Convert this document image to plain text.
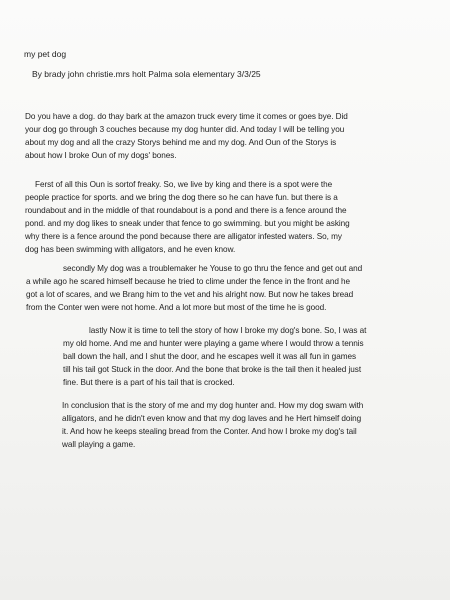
my pet dog

By brady john christie.mrs holt Palma sola elementary 3/3/25

Do you have a dog. do thay bark at the amazon truck every time it comes or goes bye. Did
your dog go through 3 couches because my dog hunter did. And today I will be telling you
about my dog and all the crazy Storys behind me and my dog. And Oun of the Storys is
about how I broke Oun of my dogs' bones.

Ferst of all this Oun is sortof freaky. So, we live by king and there is a spot were the
people practice for sports. and we bring the dog there so he can have fun. but there is a
roundabout and in the middle of that roundabout is a pond and there is a fence around the
pond. and my dog likes to sneak under that fence to go swimming. but you might be asking
why there is a fence around the pond because there are alligator infested waters. So, my
dog has been swimming with alligators, and he even know.

secondly My dog was a troublemaker he Youse to go thru the fence and get out and
a while ago he scared himself because he tried to clime under the fence in the front and he
got a lot of scares, and we Brang him to the vet and his alright now. But now he takes bread
from the Conter wen were not home. And a lot more but most of the time he is good.

lastly Now it is time to tell the story of how I broke my dog's bone. So, I was at
my old home. And me and hunter were playing a game where I would throw a tennis
ball down the hall, and I shut the door, and he escapes well it was all fun in games
till his tail got Stuck in the door. And the bone that broke is the tail then it healed just
fine. But there is a part of his tail that is crocked.

In conclusion that is the story of me and my dog hunter and. How my dog swam with
alligators, and he didn't even know and that my dog laves and he Hert himself doing
it. And how he keeps stealing bread from the Conter. And how I broke my dog's tail
wall playing a game.
